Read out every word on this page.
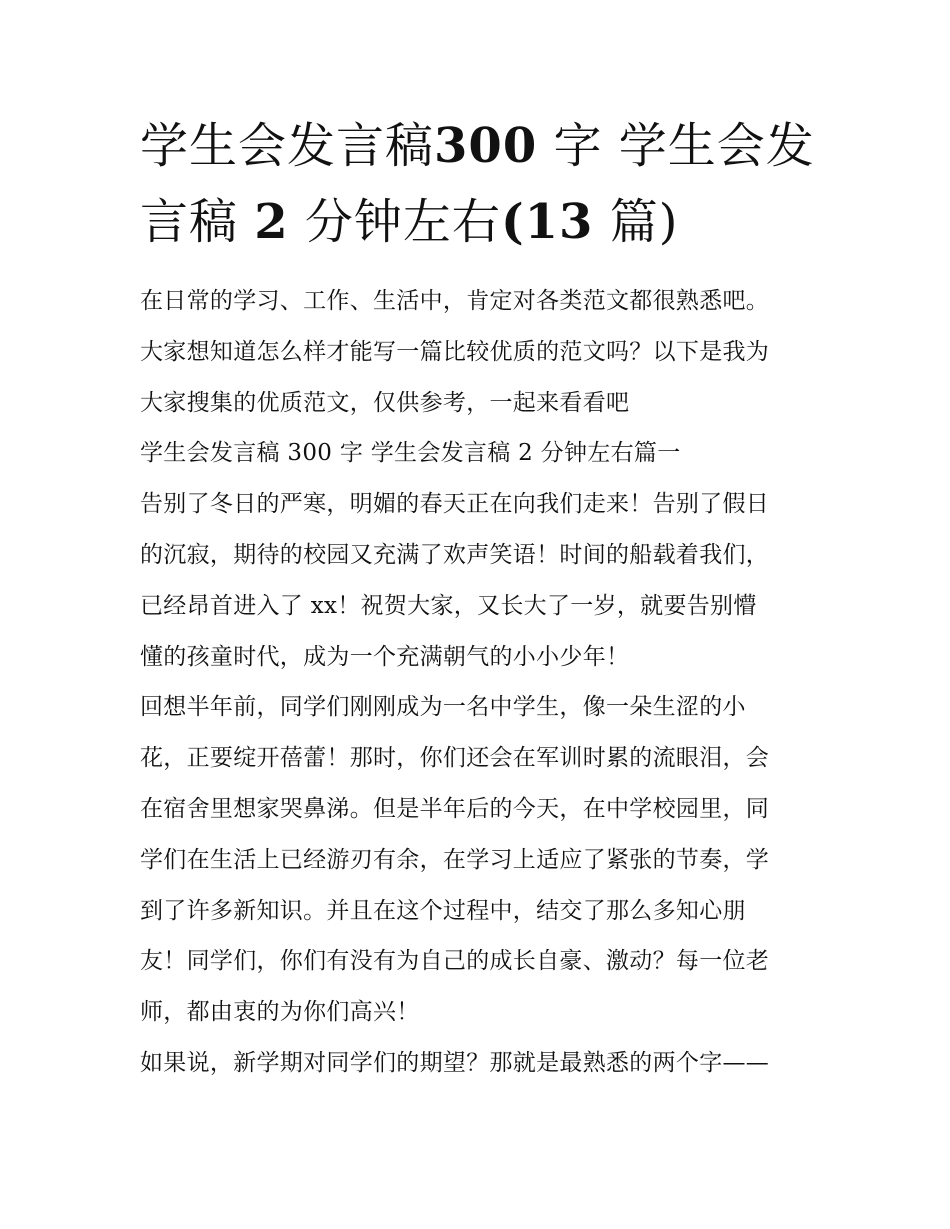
学生会发言稿300 字 学生会发
言稿 2 分钟左右(13 篇)
在日常的学习、工作、生活中，肯定对各类范文都很熟悉吧。
大家想知道怎么样才能写一篇比较优质的范文吗？以下是我为
大家搜集的优质范文，仅供参考，一起来看看吧
学生会发言稿 300 字 学生会发言稿 2 分钟左右篇一
告别了冬日的严寒，明媚的春天正在向我们走来！告别了假日
的沉寂，期待的校园又充满了欢声笑语！时间的船载着我们，
已经昂首进入了 xx！祝贺大家，又长大了一岁，就要告别懵
懂的孩童时代，成为一个充满朝气的小小少年！
回想半年前，同学们刚刚成为一名中学生，像一朵生涩的小
花，正要绽开蓓蕾！那时，你们还会在军训时累的流眼泪，会
在宿舍里想家哭鼻涕。但是半年后的今天，在中学校园里，同
学们在生活上已经游刃有余，在学习上适应了紧张的节奏，学
到了许多新知识。并且在这个过程中，结交了那么多知心朋
友！同学们，你们有没有为自己的成长自豪、激动？每一位老
师，都由衷的为你们高兴！
如果说，新学期对同学们的期望？那就是最熟悉的两个字——
